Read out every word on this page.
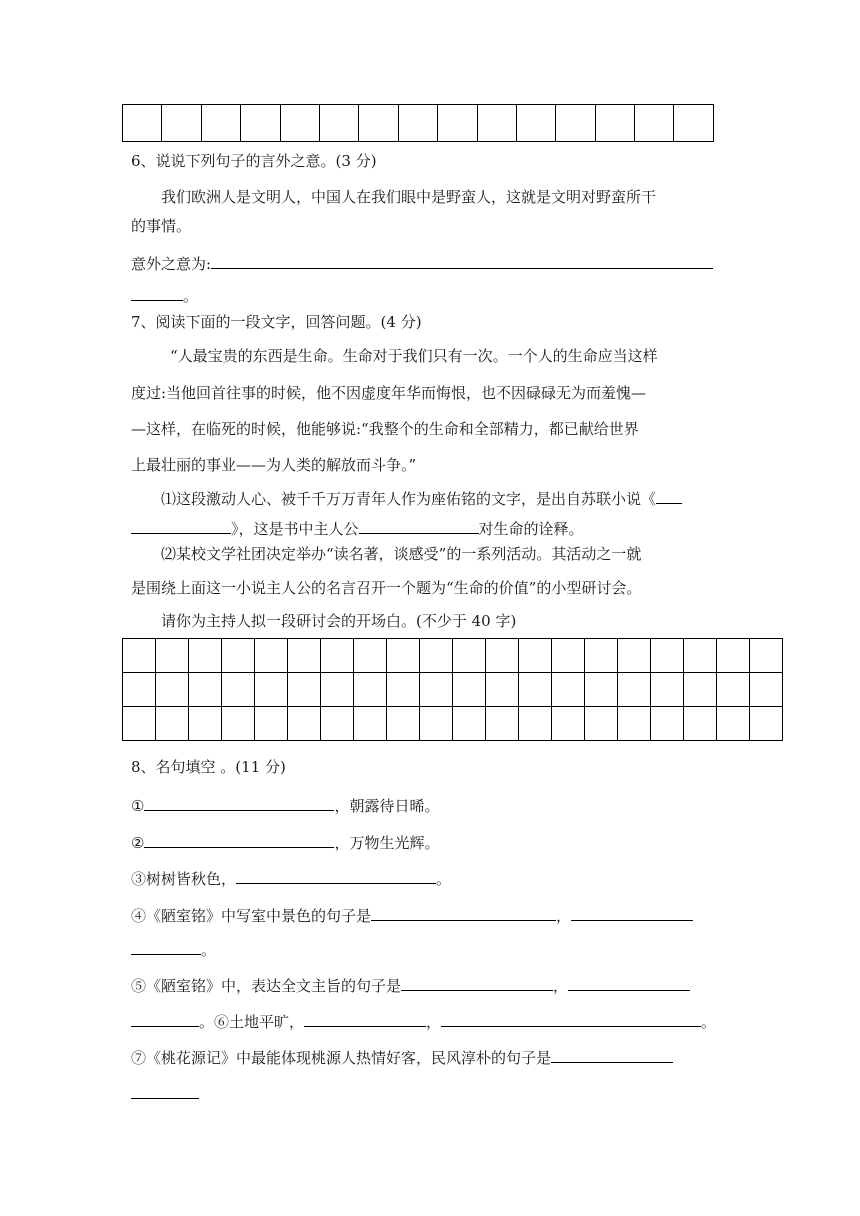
6、说说下列句子的言外之意。(3 分)
我们欧洲人是文明人，中国人在我们眼中是野蛮人，这就是文明对野蛮所干
的事情。
意外之意为:
。
7、阅读下面的一段文字，回答问题。(4 分)
“人最宝贵的东西是生命。生命对于我们只有一次。一个人的生命应当这样
度过:当他回首往事的时候，他不因虚度年华而悔恨，也不因碌碌无为而羞愧—
—这样，在临死的时候，他能够说:“我整个的生命和全部精力，都已献给世界
上最壮丽的事业——为人类的解放而斗争。”
⑴这段激动人心、被千千万万青年人作为座佑铭的文字，是出自苏联小说《
》，这是书中主人公	对生命的诠释。
⑵某校文学社团决定举办“读名著，谈感受”的一系列活动。其活动之一就
是围绕上面这一小说主人公的名言召开一个题为“生命的价值”的小型研讨会。
请你为主持人拟一段研讨会的开场白。(不少于 40 字)

8、名句填空 。(11 分)
①	，朝露待日晞。
②	，万物生光辉。
③树树皆秋色，	。
④《陋室铭》中写室中景色的句子是	，
。
⑤《陋室铭》中，表达全文主旨的句子是	，
。⑥土地平旷，	，	。
⑦《桃花源记》中最能体现桃源人热情好客，民风淳朴的句子是
